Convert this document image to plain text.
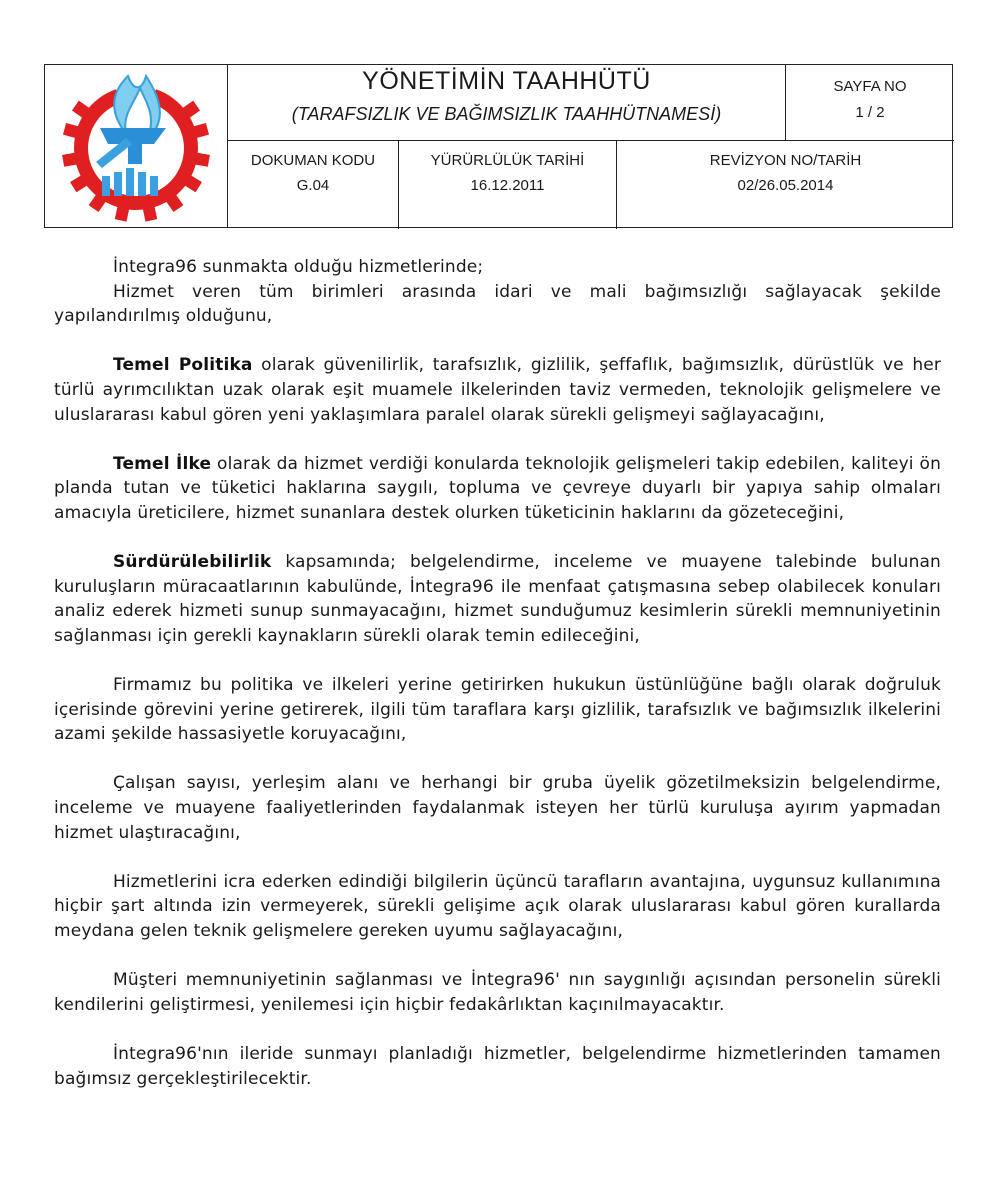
YÖNETİMİN TAAHHÜTÜ
(TARAFSIZLIK VE BAĞIMSIZLIK TAAHHÜTNAMESİ)
SAYFA NO
1 / 2
DOKUMAN KODU
G.04
YÜRÜRLÜLÜK TARİHİ
16.12.2011
REVİZYON NO/TARİH
02/26.05.2014

İntegra96 sunmakta olduğu hizmetlerinde;

Hizmet veren tüm birimleri arasında idari ve mali bağımsızlığı sağlayacak şekilde yapılandırılmış olduğunu,

Temel Politika olarak güvenilirlik, tarafsızlık, gizlilik, şeffaflık, bağımsızlık, dürüstlük ve her türlü ayrımcılıktan uzak olarak eşit muamele ilkelerinden taviz vermeden, teknolojik gelişmelere ve uluslararası kabul gören yeni yaklaşımlara paralel olarak sürekli gelişmeyi sağlayacağını,

Temel İlke olarak da hizmet verdiği konularda teknolojik gelişmeleri takip edebilen, kaliteyi ön planda tutan ve tüketici haklarına saygılı, topluma ve çevreye duyarlı bir yapıya sahip olmaları amacıyla üreticilere, hizmet sunanlara destek olurken tüketicinin haklarını da gözeteceğini,

Sürdürülebilirlik kapsamında; belgelendirme, inceleme ve muayene talebinde bulunan kuruluşların müracaatlarının kabulünde, İntegra96 ile menfaat çatışmasına sebep olabilecek konuları analiz ederek hizmeti sunup sunmayacağını, hizmet sunduğumuz kesimlerin sürekli memnuniyetinin sağlanması için gerekli kaynakların sürekli olarak temin edileceğini,

Firmamız bu politika ve ilkeleri yerine getirirken hukukun üstünlüğüne bağlı olarak doğruluk içerisinde görevini yerine getirerek, ilgili tüm taraflara karşı gizlilik, tarafsızlık ve bağımsızlık ilkelerini azami şekilde hassasiyetle koruyacağını,

Çalışan sayısı, yerleşim alanı ve herhangi bir gruba üyelik gözetilmeksizin belgelendirme, inceleme ve muayene faaliyetlerinden faydalanmak isteyen her türlü kuruluşa ayırım yapmadan hizmet ulaştıracağını,

Hizmetlerini icra ederken edindiği bilgilerin üçüncü tarafların avantajına, uygunsuz kullanımına hiçbir şart altında izin vermeyerek, sürekli gelişime açık olarak uluslararası kabul gören kurallarda meydana gelen teknik gelişmelere gereken uyumu sağlayacağını,

Müşteri memnuniyetinin sağlanması ve İntegra96' nın saygınlığı açısından personelin sürekli kendilerini geliştirmesi, yenilemesi için hiçbir fedakârlıktan kaçınılmayacaktır.

İntegra96'nın ileride sunmayı planladığı hizmetler, belgelendirme hizmetlerinden tamamen bağımsız gerçekleştirilecektir.
